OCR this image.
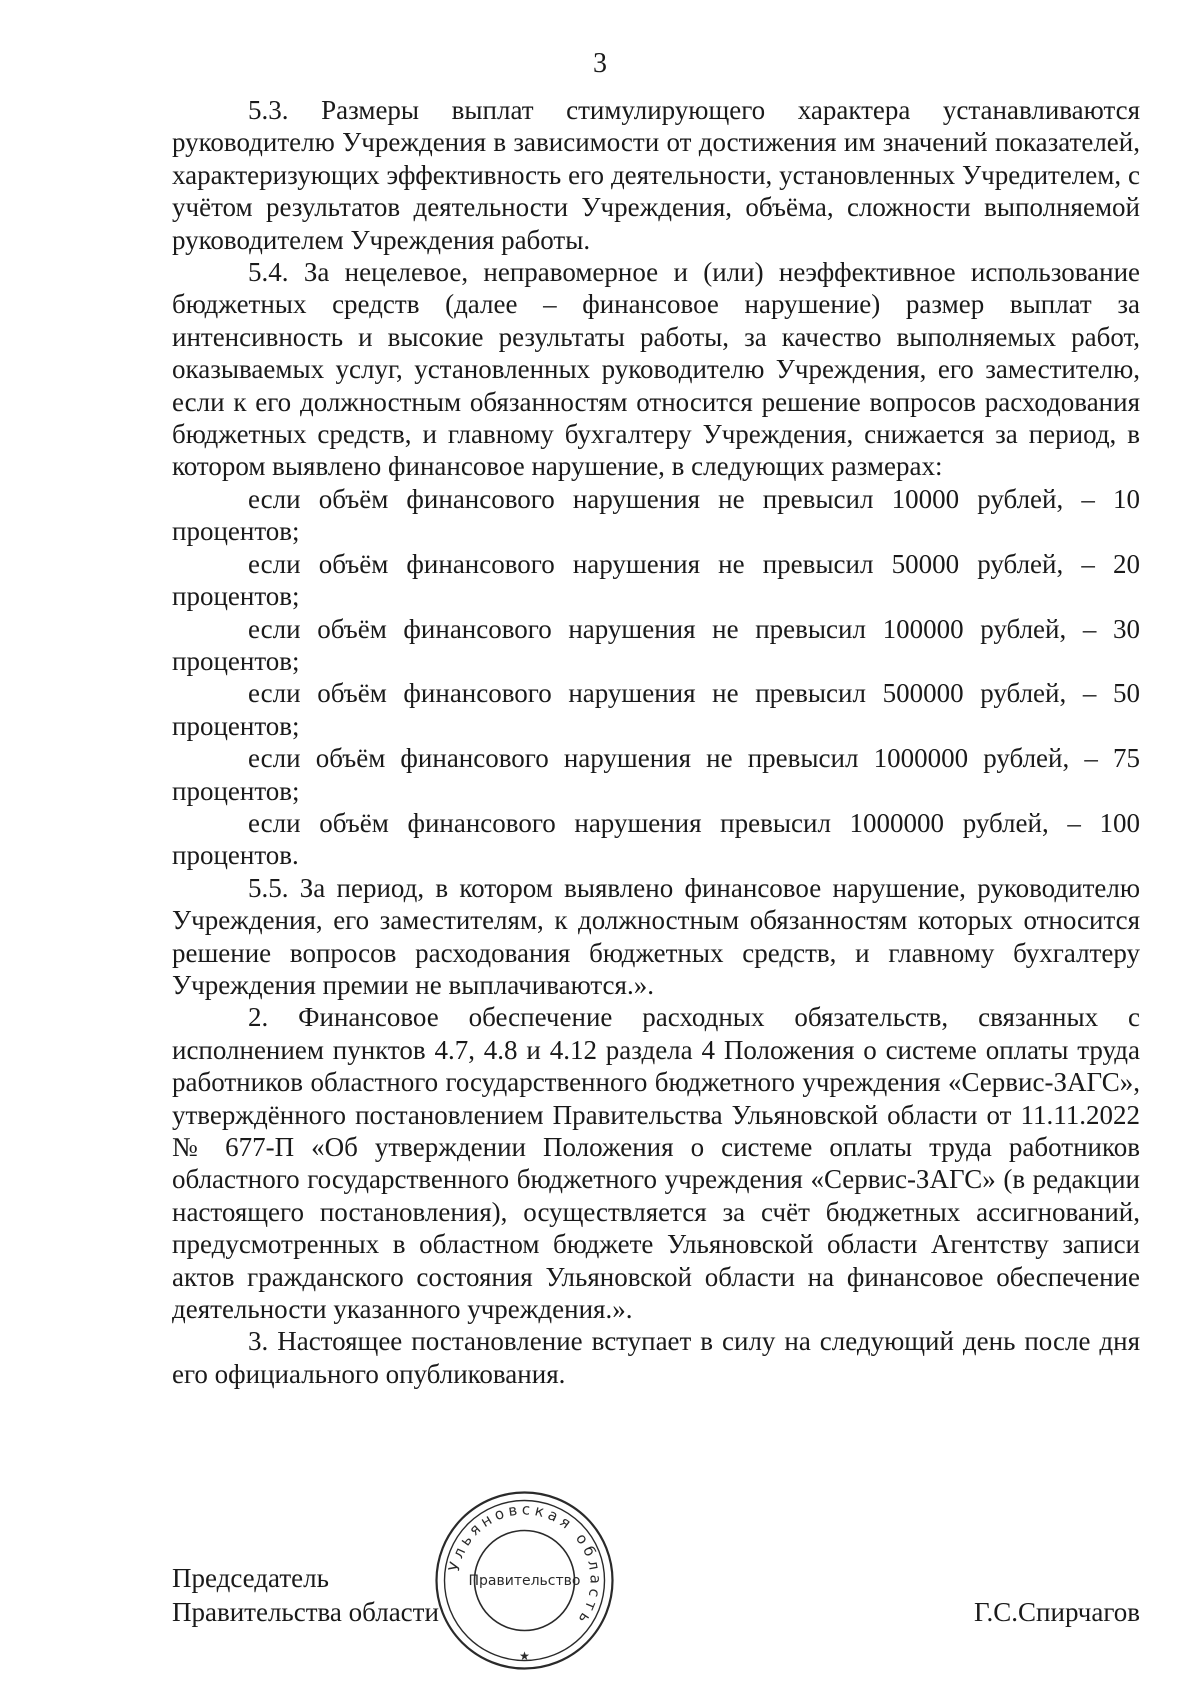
3

5.3. Размеры выплат стимулирующего характера устанавливаются руководителю Учреждения в зависимости от достижения им значений показателей, характеризующих эффективность его деятельности, установленных Учредителем, с учётом результатов деятельности Учреждения, объёма, сложности выполняемой руководителем Учреждения работы.

5.4. За нецелевое, неправомерное и (или) неэффективное использование бюджетных средств (далее – финансовое нарушение) размер выплат за интенсивность и высокие результаты работы, за качество выполняемых работ, оказываемых услуг, установленных руководителю Учреждения, его заместителю, если к его должностным обязанностям относится решение вопросов расходования бюджетных средств, и главному бухгалтеру Учреждения, снижается за период, в котором выявлено финансовое нарушение, в следующих размерах:

если объём финансового нарушения не превысил 10000 рублей, – 10 процентов;

если объём финансового нарушения не превысил 50000 рублей, – 20 процентов;

если объём финансового нарушения не превысил 100000 рублей, – 30 процентов;

если объём финансового нарушения не превысил 500000 рублей, – 50 процентов;

если объём финансового нарушения не превысил 1000000 рублей, – 75 процентов;

если объём финансового нарушения превысил 1000000 рублей, – 100 процентов.

5.5. За период, в котором выявлено финансовое нарушение, руководителю Учреждения, его заместителям, к должностным обязанностям которых относится решение вопросов расходования бюджетных средств, и главному бухгалтеру Учреждения премии не выплачиваются.».

2. Финансовое обеспечение расходных обязательств, связанных с исполнением пунктов 4.7, 4.8 и 4.12 раздела 4 Положения о системе оплаты труда работников областного государственного бюджетного учреждения «Сервис-ЗАГС», утверждённого постановлением Правительства Ульяновской области от 11.11.2022 № 677-П «Об утверждении Положения о системе оплаты труда работников областного государственного бюджетного учреждения «Сервис-ЗАГС» (в редакции настоящего постановления), осуществляется за счёт бюджетных ассигнований, предусмотренных в областном бюджете Ульяновской области Агентству записи актов гражданского состояния Ульяновской области на финансовое обеспечение деятельности указанного учреждения.».

3. Настоящее постановление вступает в силу на следующий день после дня его официального опубликования.

Председатель

Правительства области	Г.С.Спирчагов
Ульяновская область
Правительство
★
